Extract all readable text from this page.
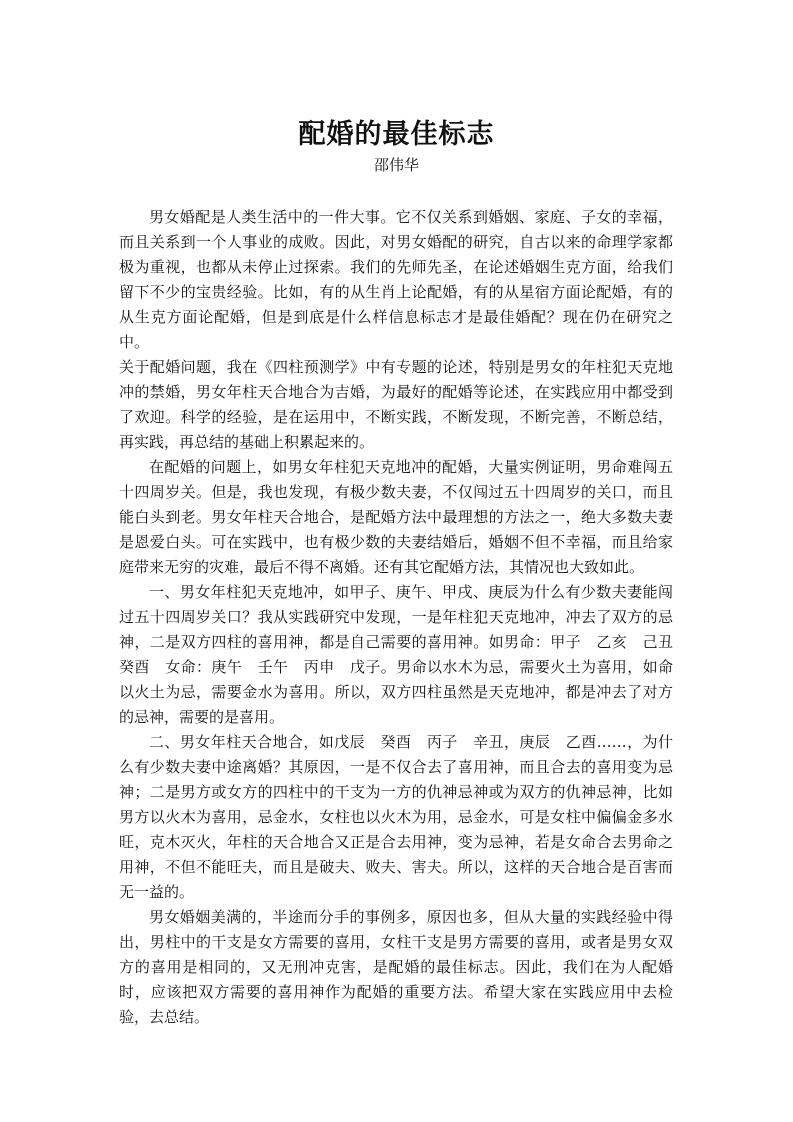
配婚的最佳标志

邵伟华

男女婚配是人类生活中的一件大事。它不仅关系到婚姻、家庭、子女的幸福，而且关系到一个人事业的成败。因此，对男女婚配的研究，自古以来的命理学家都极为重视，也都从未停止过探索。我们的先师先圣，在论述婚姻生克方面，给我们留下不少的宝贵经验。比如，有的从生肖上论配婚，有的从星宿方面论配婚，有的从生克方面论配婚，但是到底是什么样信息标志才是最佳婚配？现在仍在研究之中。

关于配婚问题，我在《四柱预测学》中有专题的论述，特别是男女的年柱犯天克地冲的禁婚，男女年柱天合地合为吉婚，为最好的配婚等论述，在实践应用中都受到了欢迎。科学的经验，是在运用中，不断实践，不断发现，不断完善，不断总结，再实践，再总结的基础上积累起来的。

在配婚的问题上，如男女年柱犯天克地冲的配婚，大量实例证明，男命难闯五十四周岁关。但是，我也发现，有极少数夫妻，不仅闯过五十四周岁的关口，而且能白头到老。男女年柱天合地合，是配婚方法中最理想的方法之一，绝大多数夫妻是恩爱白头。可在实践中，也有极少数的夫妻结婚后，婚姻不但不幸福，而且给家庭带来无穷的灾难，最后不得不离婚。还有其它配婚方法，其情况也大致如此。

一、男女年柱犯天克地冲，如甲子、庚午、甲戌、庚辰为什么有少数夫妻能闯过五十四周岁关口？我从实践研究中发现，一是年柱犯天克地冲，冲去了双方的忌神，二是双方四柱的喜用神，都是自己需要的喜用神。如男命：甲子　乙亥　己丑　癸酉　女命：庚午　壬午　丙申　戊子。男命以水木为忌，需要火土为喜用，如命以火土为忌，需要金水为喜用。所以，双方四柱虽然是天克地冲，都是冲去了对方的忌神，需要的是喜用。

二、男女年柱天合地合，如戊辰　癸酉　丙子　辛丑，庚辰　乙酉……，为什么有少数夫妻中途离婚？其原因，一是不仅合去了喜用神，而且合去的喜用变为忌神；二是男方或女方的四柱中的干支为一方的仇神忌神或为双方的仇神忌神，比如男方以火木为喜用，忌金水，女柱也以火木为用，忌金水，可是女柱中偏偏金多水旺，克木灭火，年柱的天合地合又正是合去用神，变为忌神，若是女命合去男命之用神，不但不能旺夫，而且是破夫、败夫、害夫。所以，这样的天合地合是百害而无一益的。

男女婚姻美满的，半途而分手的事例多，原因也多，但从大量的实践经验中得出，男柱中的干支是女方需要的喜用，女柱干支是男方需要的喜用，或者是男女双方的喜用是相同的，又无刑冲克害，是配婚的最佳标志。因此，我们在为人配婚时，应该把双方需要的喜用神作为配婚的重要方法。希望大家在实践应用中去检验，去总结。
